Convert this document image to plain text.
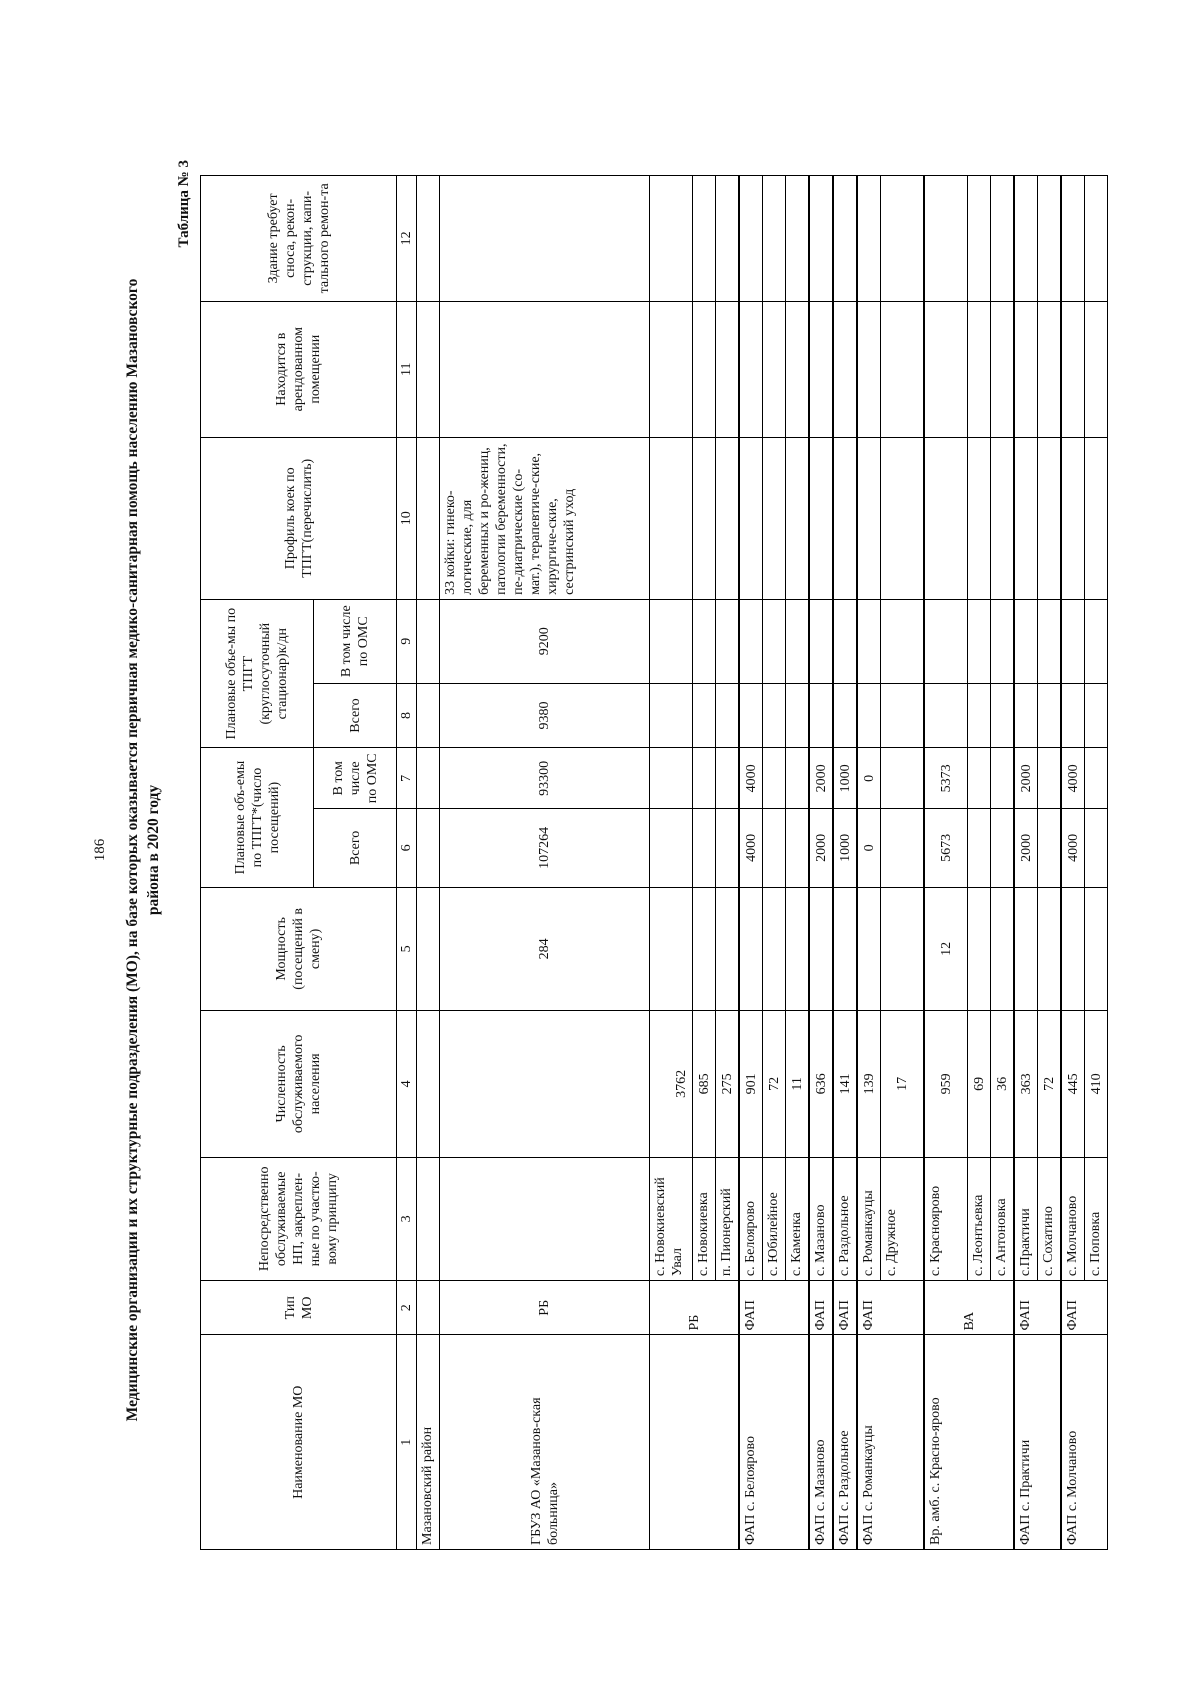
186 Медицинские организации и их структурные подразделения (МО), на базе которых оказывается первичная медико-санитарная помощь населению Мазановского района в 2020 году
Таблица № 3
Наименование МО	Тип МО	Непосредственно обслуживаемые НП, закреплен-ные по участко-вому принципу	Численность обслуживаемого населения	Мощность (посещений в смену)	Плановые объ-емы по ТПГТ*(число посещений)		Плановые объе-мы по ТПГТ (круглосуточный стационар)к/дн		Профиль коек по ТПГТ(перечислить)	Находится в арендованном помещении	Здание требует сноса, рекон-струкции, капи-тального ремон-та
					Всего	В том числе по ОМС	Всего	В том числе по ОМС			
1	2	3	4	5	6	7	8	9	10	11	12
Мазановский район											
ГБУЗ АО «Мазанов-ская больница»	РБ			284	107264	93300	9380	9200	33 койки: гинеко-логические, для беременных и ро-жениц, патологии беременности, пе-диатрические (со-мат.), терапевтиче-ские, хирургиче-ские, сестринский уход		
	РБ	с. Новокиевский Увал	3762								
		с. Новокиевка	685								
		п. Пионерский	275								
ФАП с. Белоярово	ФАП	с. Белоярово	901		4000	4000					
		с. Юбилейное	72								
		с. Каменка	11								
ФАП с. Мазаново	ФАП	с. Мазаново	636		2000	2000					
ФАП с. Раздольное	ФАП	с. Раздольное	141		1000	1000					
ФАП с. Романкауцы	ФАП	с. Романкауцы	139		0	0					
		с. Дружное	17								
Вр. амб. с. Красно-ярово	ВА	с. Красноярово	959	12	5673	5373					
		с. Леонтьевка	69								
		с. Антоновка	36								
ФАП с. Практичи	ФАП	с.Практичи	363		2000	2000					
		с. Сохатино	72								
ФАП с. Молчаново	ФАП	с. Молчаново	445		4000	4000					
		с. Поповка	410								
